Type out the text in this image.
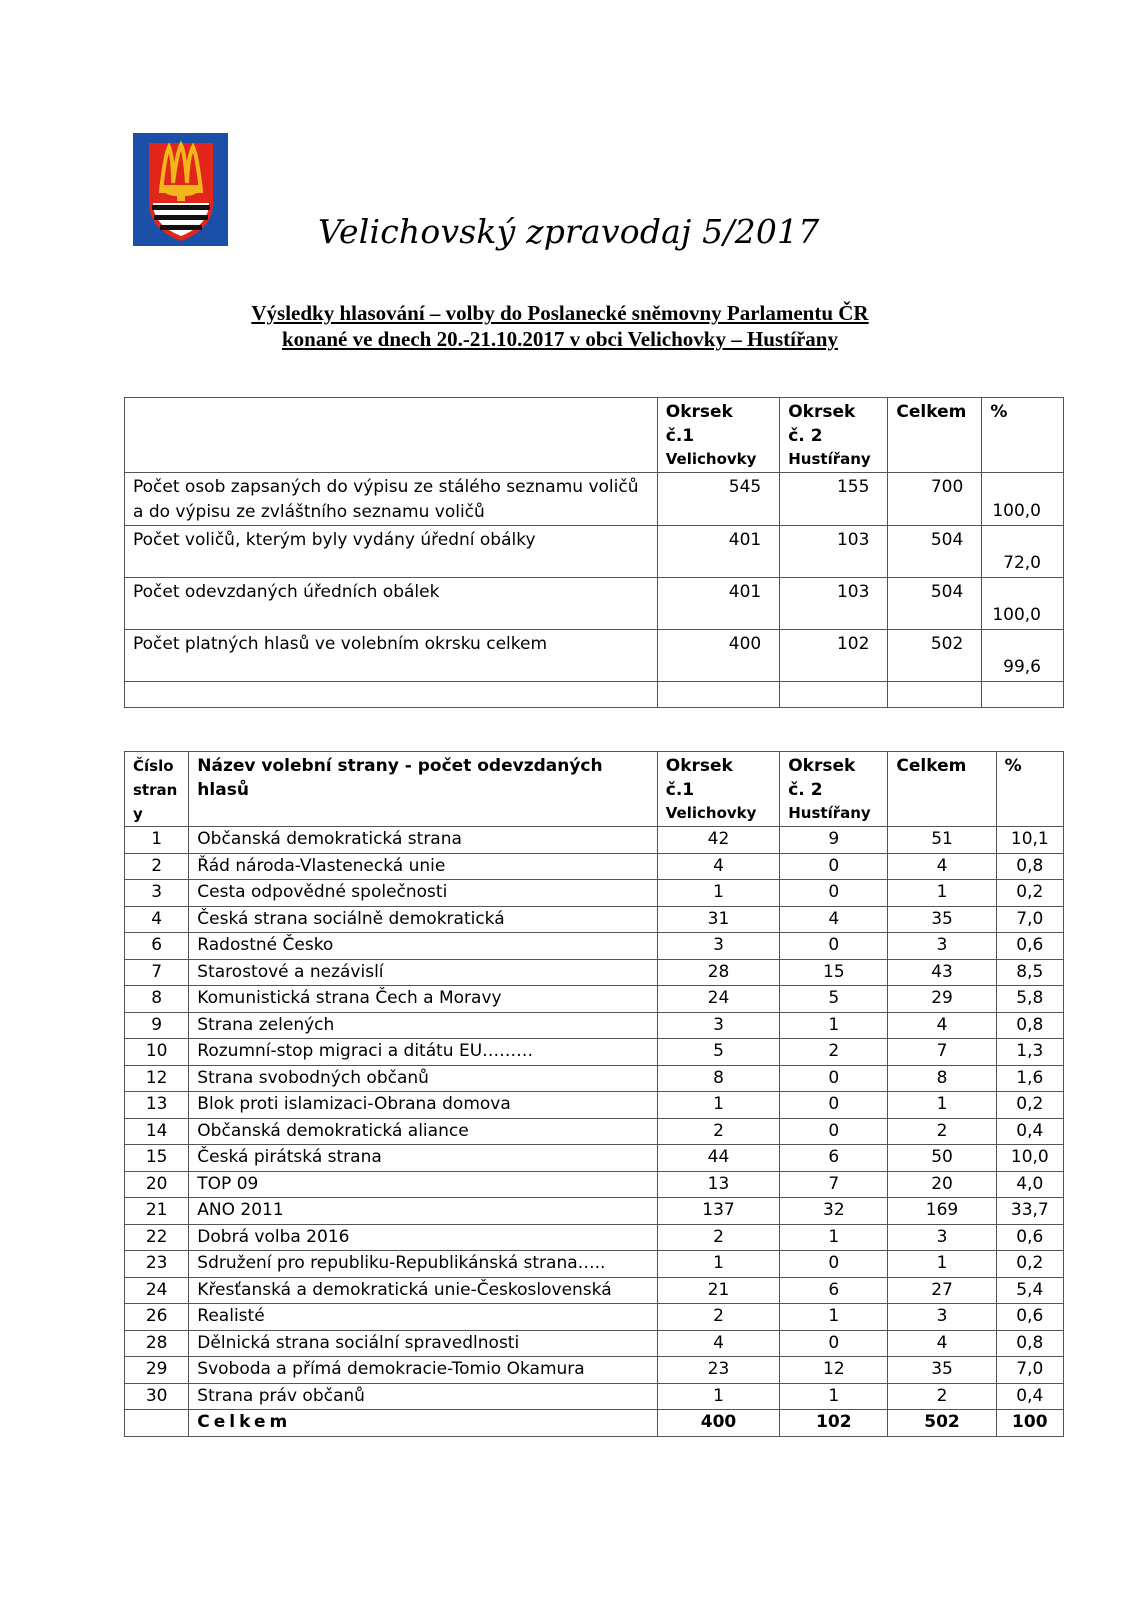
Velichovský zpravodaj 5/2017
Výsledky hlasování – volby do Poslanecké sněmovny Parlamentu ČR
konané ve dnech 20.-21.10.2017 v obci Velichovky – Hustířany
	Okrsek
č.1
Velichovky	Okrsek
č. 2
Hustířany	Celkem	%
Počet osob zapsaných do výpisu ze stálého seznamu voličů a do výpisu ze zvláštního seznamu voličů	545	155	700	100,0
Počet voličů, kterým byly vydány úřední obálky	401	103	504	72,0
Počet odevzdaných úředních obálek	401	103	504	100,0
Počet platných hlasů ve volebním okrsku celkem	400	102	502	99,6

Číslo
stran
y	Název volební strany - počet odevzdaných hlasů	Okrsek
č.1
Velichovky	Okrsek
č. 2
Hustířany	Celkem	%
1	Občanská demokratická strana	42	9	51	10,1
2	Řád národa-Vlastenecká unie	4	0	4	0,8
3	Cesta odpovědné společnosti	1	0	1	0,2
4	Česká strana sociálně demokratická	31	4	35	7,0
6	Radostné Česko	3	0	3	0,6
7	Starostové a nezávislí	28	15	43	8,5
8	Komunistická strana Čech a Moravy	24	5	29	5,8
9	Strana zelených	3	1	4	0,8
10	Rozumní-stop migraci a ditátu EU………	5	2	7	1,3
12	Strana svobodných občanů	8	0	8	1,6
13	Blok proti islamizaci-Obrana domova	1	0	1	0,2
14	Občanská demokratická aliance	2	0	2	0,4
15	Česká pirátská strana	44	6	50	10,0
20	TOP 09	13	7	20	4,0
21	ANO 2011	137	32	169	33,7
22	Dobrá volba 2016	2	1	3	0,6
23	Sdružení pro republiku-Republikánská strana…..	1	0	1	0,2
24	Křesťanská a demokratická unie-Československá	21	6	27	5,4
26	Realisté	2	1	3	0,6
28	Dělnická strana sociální spravedlnosti	4	0	4	0,8
29	Svoboda a přímá demokracie-Tomio Okamura	23	12	35	7,0
30	Strana práv občanů	1	1	2	0,4
	Celkem	400	102	502	100
